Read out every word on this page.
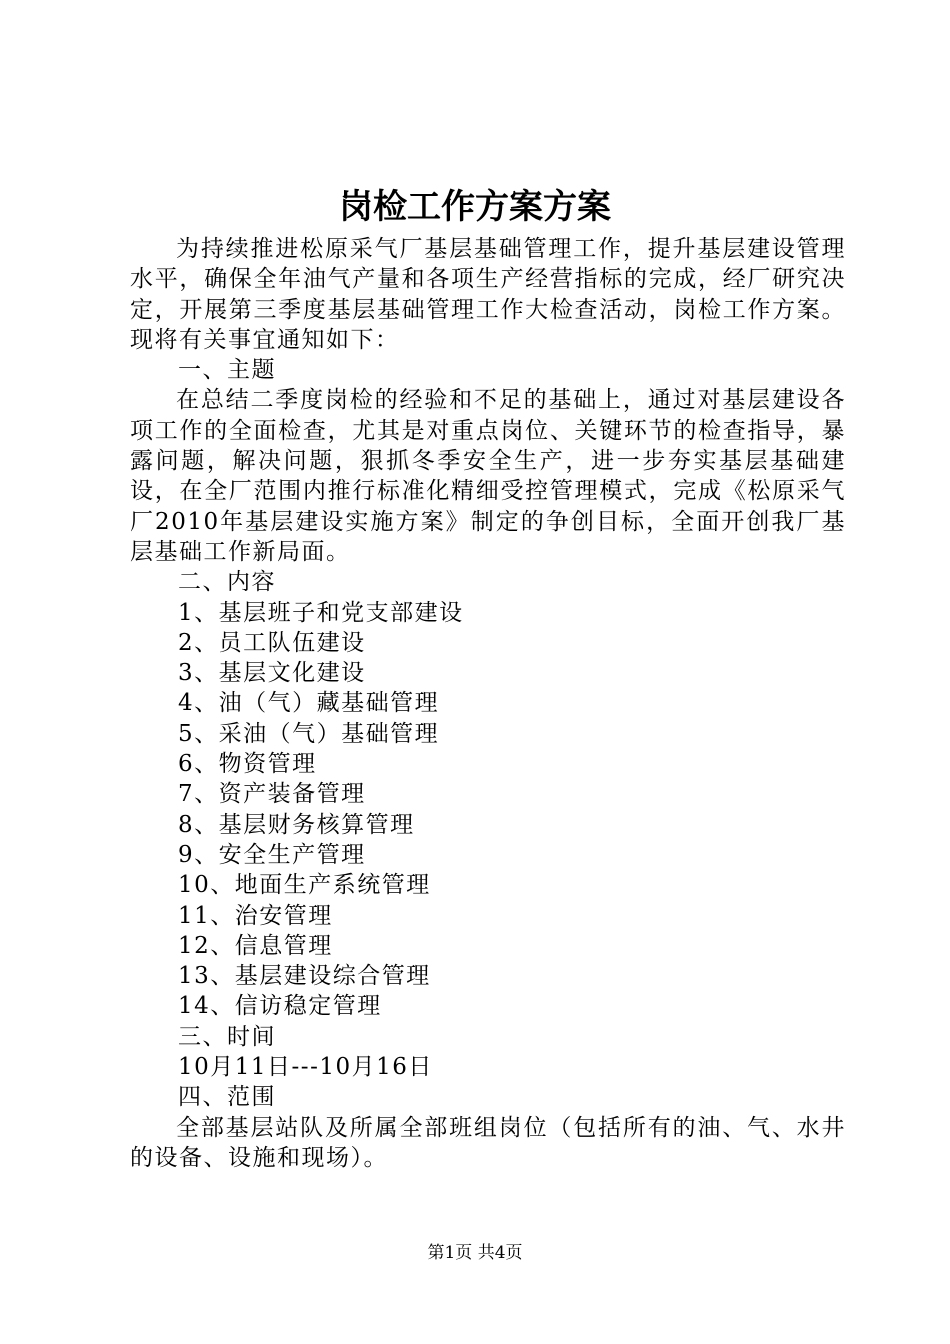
岗检工作方案方案

为持续推进松原采气厂基层基础管理工作，提升基层建设管理水平，确保全年油气产量和各项生产经营指标的完成，经厂研究决定，开展第三季度基层基础管理工作大检查活动，岗检工作方案。现将有关事宜通知如下：

一、主题

在总结二季度岗检的经验和不足的基础上，通过对基层建设各项工作的全面检查，尤其是对重点岗位、关键环节的检查指导，暴露问题，解决问题，狠抓冬季安全生产，进一步夯实基层基础建设，在全厂范围内推行标准化精细受控管理模式，完成《松原采气厂2010年基层建设实施方案》制定的争创目标，全面开创我厂基层基础工作新局面。

二、内容

1、基层班子和党支部建设

2、员工队伍建设

3、基层文化建设

4、油（气）藏基础管理

5、采油（气）基础管理

6、物资管理

7、资产装备管理

8、基层财务核算管理

9、安全生产管理

10、地面生产系统管理

11、治安管理

12、信息管理

13、基层建设综合管理

14、信访稳定管理

三、时间

10月11日---10月16日

四、范围

全部基层站队及所属全部班组岗位（包括所有的油、气、水井的设备、设施和现场）。

第1页 共4页
